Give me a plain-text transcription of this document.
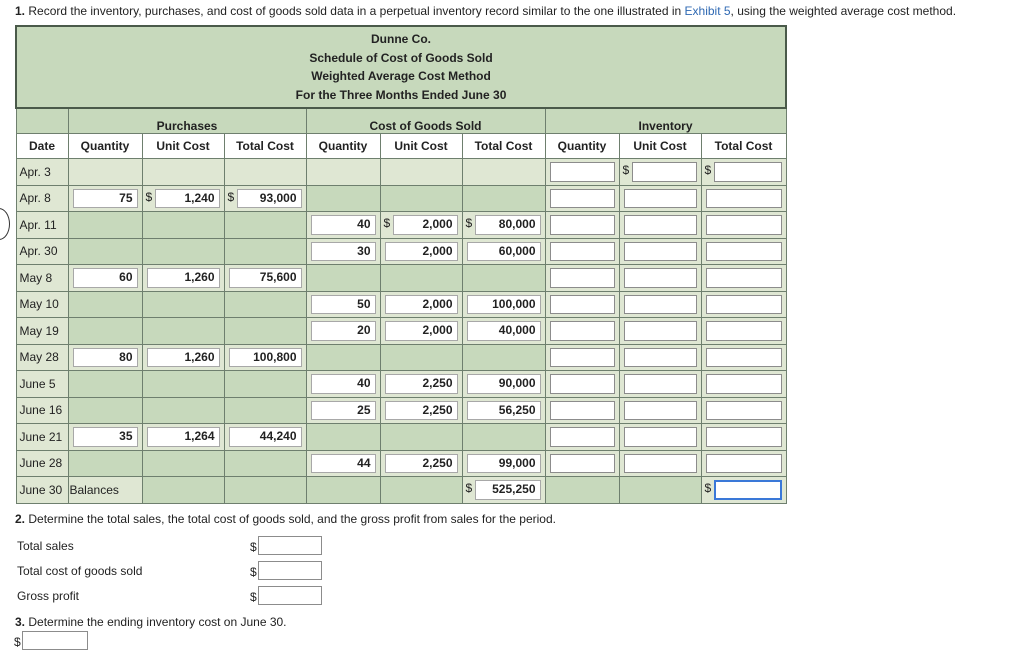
1. Record the inventory, purchases, and cost of goods sold data in a perpetual inventory record similar to the one illustrated in Exhibit 5, using the weighted average cost method.
Dunne Co.
Schedule of Cost of Goods Sold
Weighted Average Cost Method
For the Three Months Ended June 30									

	Purchases			Cost of Goods Sold			Inventory		
Date	Quantity	Unit Cost	Total Cost	Quantity	Unit Cost	Total Cost	Quantity	Unit Cost	Total Cost
Apr. 3								$	$

Apr. 8	75	$ 1,240	$ 93,000						

Apr. 11				40	$ 2,000	$ 80,000			

Apr. 30				30	2,000	60,000			

May 8	60	1,260	75,600						

May 10				50	2,000	100,000			

May 19				20	2,000	40,000			

May 28	80	1,260	100,800						

June 5				40	2,250	90,000			

June 16				25	2,250	56,250			

June 21	35	1,264	44,240						

June 28				44	2,250	99,000			

June 30	Balances					$ 525,250			$
2. Determine the total sales, the total cost of goods sold, and the gross profit from sales for the period.
Total sales	$
Total cost of goods sold	$
Gross profit	$
3. Determine the ending inventory cost on June 30.
$
